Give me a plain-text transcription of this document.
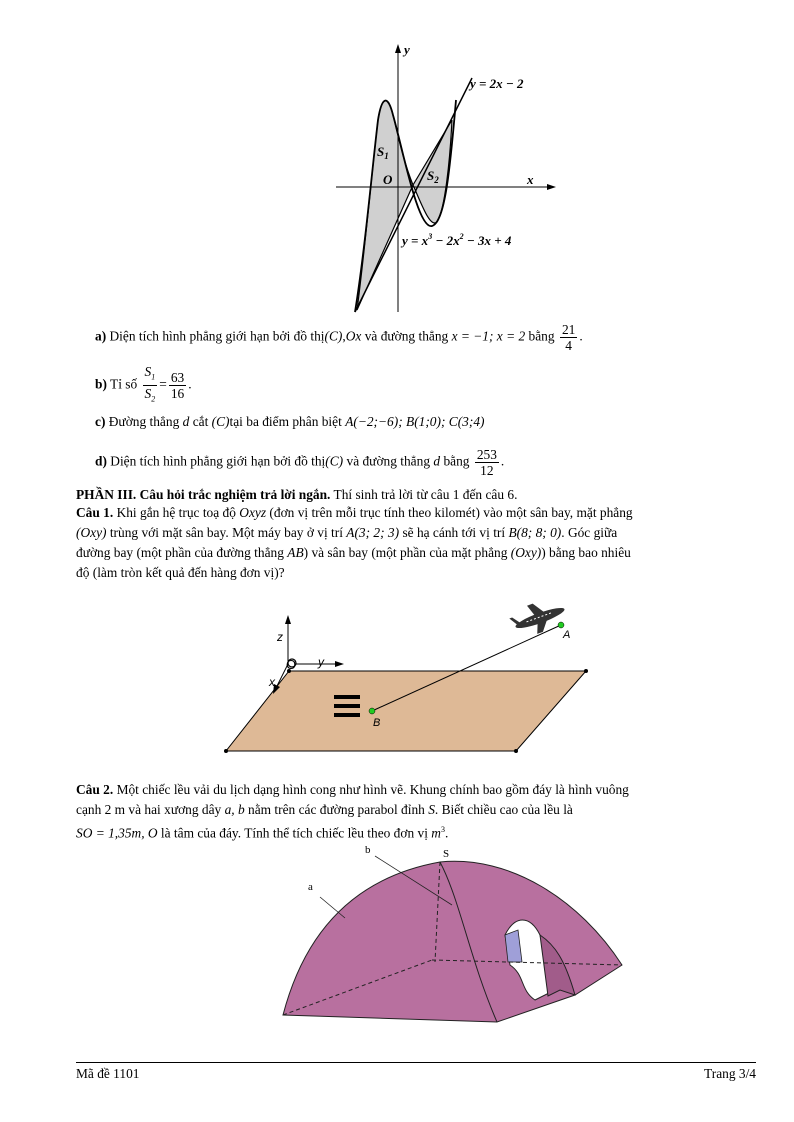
y
x
O
$S_1$
$S_2$
y = 2x − 2
$y = x^3 - 2x^2 - 3x + 4$
a) Diện tích hình phẳng giới hạn bởi đồ thị(C),Ox và đường thẳng x = −1; x = 2 bằng $\frac{21}{4}$ .
b) Tỉ số $\frac{S_1}{S_2} = \frac{63}{16}$ .
c) Đường thẳng d cắt (C)tại ba điểm phân biệt A(−2;−6); B(1;0); C(3;4)
d) Diện tích hình phẳng giới hạn bởi đồ thị(C) và đường thẳng d bằng $\frac{253}{12}$ .
PHẦN III. Câu hỏi trắc nghiệm trả lời ngắn. Thí sinh trả lời từ câu 1 đến câu 6.
Câu 1. Khi gắn hệ trục toạ độ Oxyz (đơn vị trên mỗi trục tính theo kilomét) vào một sân bay, mặt phẳng
(Oxy) trùng với mặt sân bay. Một máy bay ở vị trí A(3; 2; 3) sẽ hạ cánh tới vị trí B(8; 8; 0). Góc giữa
đường bay (một phần của đường thẳng AB) và sân bay (một phần của mặt phẳng (Oxy)) bằng bao nhiêu
độ (làm tròn kết quả đến hàng đơn vị)?
z
y
x
O
B
A
Câu 2. Một chiếc lều vải du lịch dạng hình cong như hình vẽ. Khung chính bao gồm đáy là hình vuông
cạnh 2 m và hai xương dây a, b nằm trên các đường parabol đỉnh S. Biết chiều cao của lều là
SO = 1,35m, O là tâm của đáy. Tính thể tích chiếc lều theo đơn vị $m^3$.
S
b
a
Mã đề 1101	Trang 3/4
